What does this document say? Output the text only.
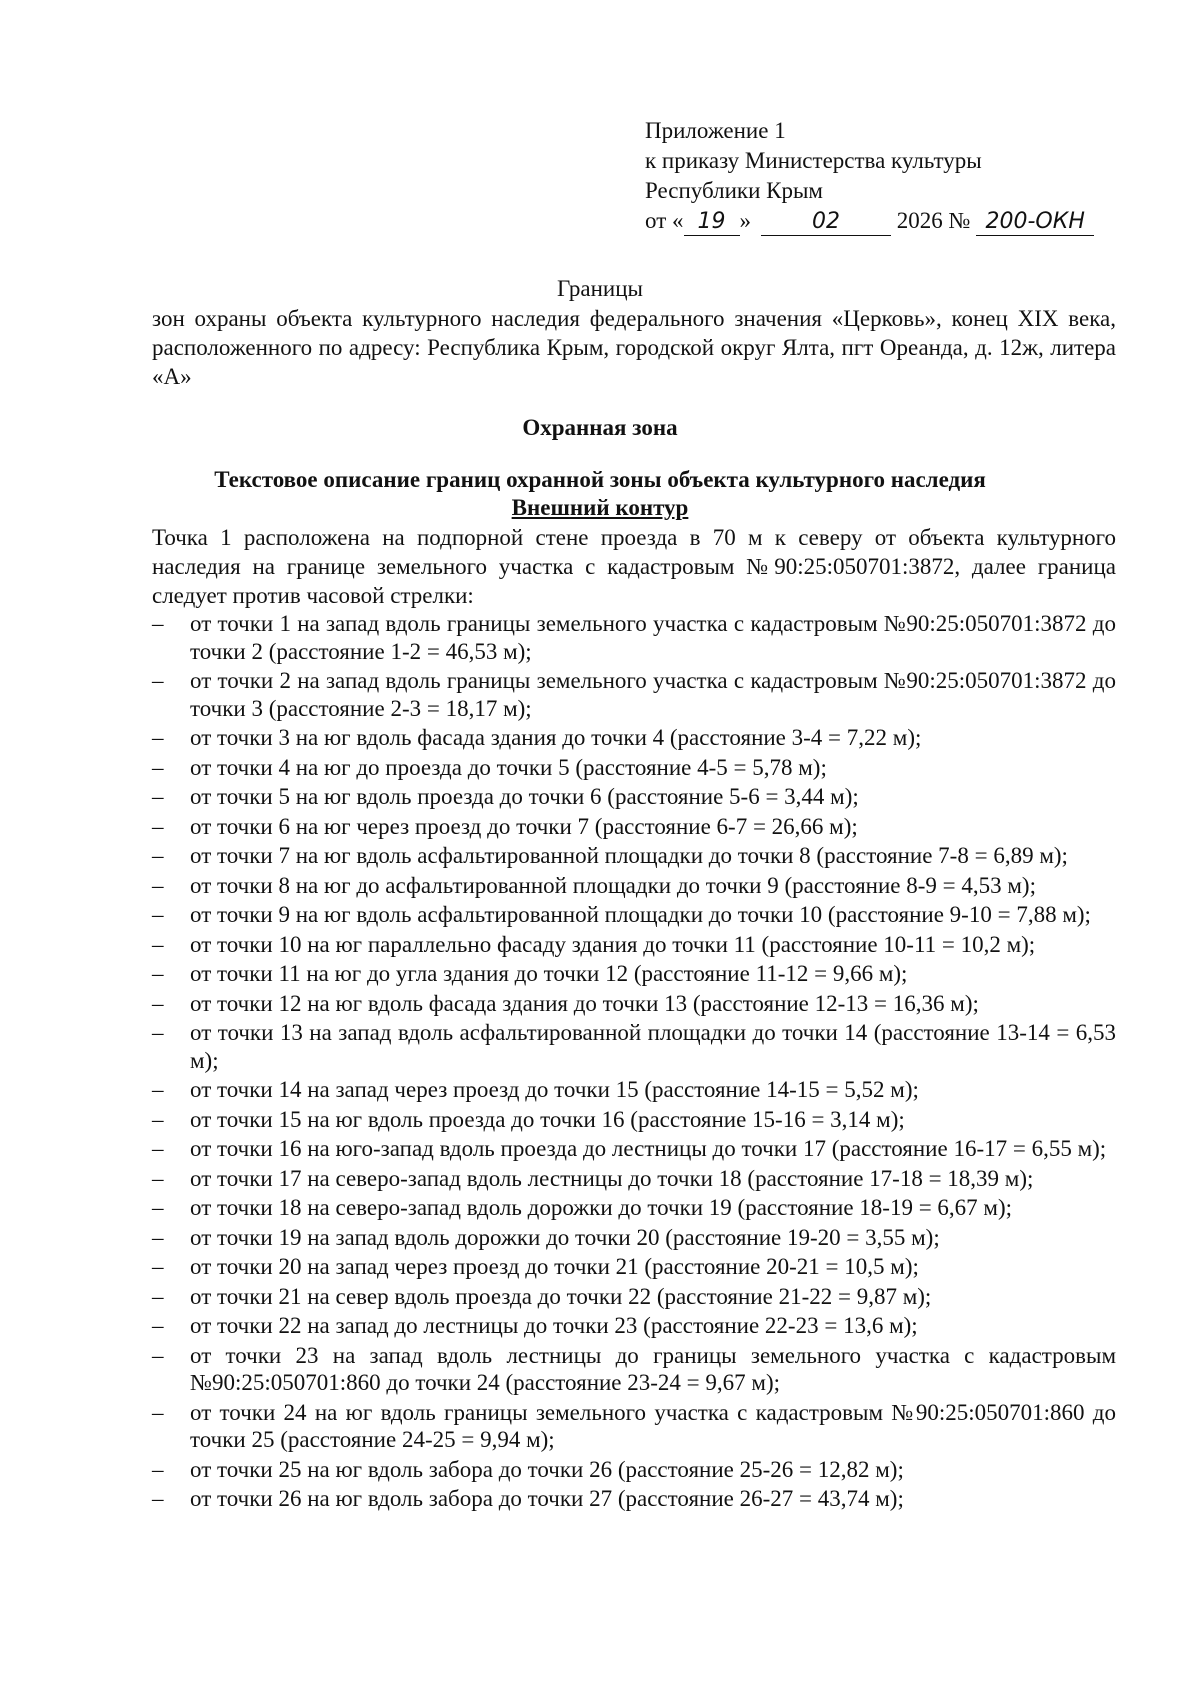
Приложение 1
к приказу Министерства культуры
Республики Крым
от « 19 »	02 2026 № 200-ОКН
Границы
зон охраны объекта культурного наследия федерального значения «Церковь», конец XIX века, расположенного по адресу: Республика Крым, городской округ Ялта, пгт Ореанда, д. 12ж, литера «А»
Охранная зона
Текстовое описание границ охранной зоны объекта культурного наследия
Внешний контур
Точка 1 расположена на подпорной стене проезда в 70 м к северу от объекта культурного наследия на границе земельного участка с кадастровым №90:25:050701:3872, далее граница следует против часовой стрелки:
– от точки 1 на запад вдоль границы земельного участка с кадастровым №90:25:050701:3872 до точки 2 (расстояние 1-2 = 46,53 м);
– от точки 2 на запад вдоль границы земельного участка с кадастровым №90:25:050701:3872 до точки 3 (расстояние 2-3 = 18,17 м);
– от точки 3 на юг вдоль фасада здания до точки 4 (расстояние 3-4 = 7,22 м);
– от точки 4 на юг до проезда до точки 5 (расстояние 4-5 = 5,78 м);
– от точки 5 на юг вдоль проезда до точки 6 (расстояние 5-6 = 3,44 м);
– от точки 6 на юг через проезд до точки 7 (расстояние 6-7 = 26,66 м);
– от точки 7 на юг вдоль асфальтированной площадки до точки 8 (расстояние 7-8 = 6,89 м);
– от точки 8 на юг до асфальтированной площадки до точки 9 (расстояние 8-9 = 4,53 м);
– от точки 9 на юг вдоль асфальтированной площадки до точки 10 (расстояние 9-10 = 7,88 м);
– от точки 10 на юг параллельно фасаду здания до точки 11 (расстояние 10-11 = 10,2 м);
– от точки 11 на юг до угла здания до точки 12 (расстояние 11-12 = 9,66 м);
– от точки 12 на юг вдоль фасада здания до точки 13 (расстояние 12-13 = 16,36 м);
– от точки 13 на запад вдоль асфальтированной площадки до точки 14 (расстояние 13-14 = 6,53 м);
– от точки 14 на запад через проезд до точки 15 (расстояние 14-15 = 5,52 м);
– от точки 15 на юг вдоль проезда до точки 16 (расстояние 15-16 = 3,14 м);
– от точки 16 на юго-запад вдоль проезда до лестницы до точки 17 (расстояние 16-17 = 6,55 м);
– от точки 17 на северо-запад вдоль лестницы до точки 18 (расстояние 17-18 = 18,39 м);
– от точки 18 на северо-запад вдоль дорожки до точки 19 (расстояние 18-19 = 6,67 м);
– от точки 19 на запад вдоль дорожки до точки 20 (расстояние 19-20 = 3,55 м);
– от точки 20 на запад через проезд до точки 21 (расстояние 20-21 = 10,5 м);
– от точки 21 на север вдоль проезда до точки 22 (расстояние 21-22 = 9,87 м);
– от точки 22 на запад до лестницы до точки 23 (расстояние 22-23 = 13,6 м);
– от точки 23 на запад вдоль лестницы до границы земельного участка с кадастровым №90:25:050701:860 до точки 24 (расстояние 23-24 = 9,67 м);
– от точки 24 на юг вдоль границы земельного участка с кадастровым №90:25:050701:860 до точки 25 (расстояние 24-25 = 9,94 м);
– от точки 25 на юг вдоль забора до точки 26 (расстояние 25-26 = 12,82 м);
– от точки 26 на юг вдоль забора до точки 27 (расстояние 26-27 = 43,74 м);
